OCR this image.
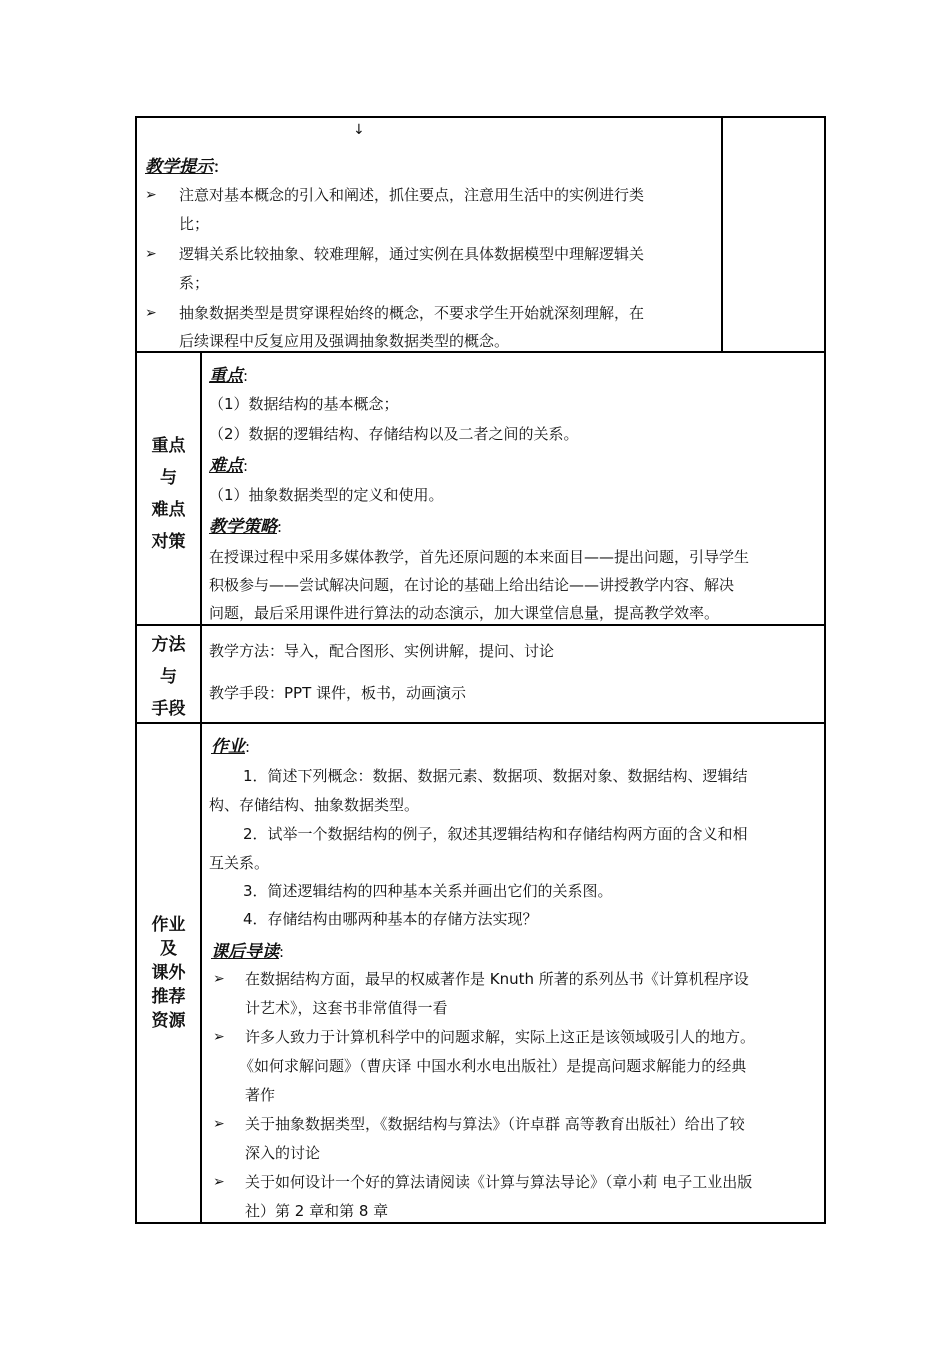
↓
教学提示：
➢ 注意对基本概念的引入和阐述，抓住要点，注意用生活中的实例进行类
比；
➢ 逻辑关系比较抽象、较难理解，通过实例在具体数据模型中理解逻辑关
系；
➢ 抽象数据类型是贯穿课程始终的概念，不要求学生开始就深刻理解，在
后续课程中反复应用及强调抽象数据类型的概念。
重点
与
难点
对策
重点:
（1）数据结构的基本概念；
（2）数据的逻辑结构、存储结构以及二者之间的关系。
难点:
（1）抽象数据类型的定义和使用。
教学策略:
在授课过程中采用多媒体教学，首先还原问题的本来面目——提出问题，引导学生
积极参与——尝试解决问题，在讨论的基础上给出结论——讲授教学内容、解决
问题，最后采用课件进行算法的动态演示，加大课堂信息量，提高教学效率。
方法
与
手段
教学方法：导入，配合图形、实例讲解，提问、讨论
教学手段：PPT 课件，板书，动画演示
作业
及
课外
推荐
资源
作业:
1．简述下列概念：数据、数据元素、数据项、数据对象、数据结构、逻辑结
构、存储结构、抽象数据类型。
2．试举一个数据结构的例子，叙述其逻辑结构和存储结构两方面的含义和相
互关系。
3．简述逻辑结构的四种基本关系并画出它们的关系图。
4．存储结构由哪两种基本的存储方法实现？
课后导读:
➢ 在数据结构方面，最早的权威著作是 Knuth 所著的系列丛书《计算机程序设
计艺术》，这套书非常值得一看
➢ 许多人致力于计算机科学中的问题求解，实际上这正是该领域吸引人的地方。
《如何求解问题》（曹庆译 中国水利水电出版社）是提高问题求解能力的经典
著作
➢ 关于抽象数据类型，《数据结构与算法》（许卓群 高等教育出版社）给出了较
深入的讨论
➢ 关于如何设计一个好的算法请阅读《计算与算法导论》（章小莉 电子工业出版
社）第 2 章和第 8 章
